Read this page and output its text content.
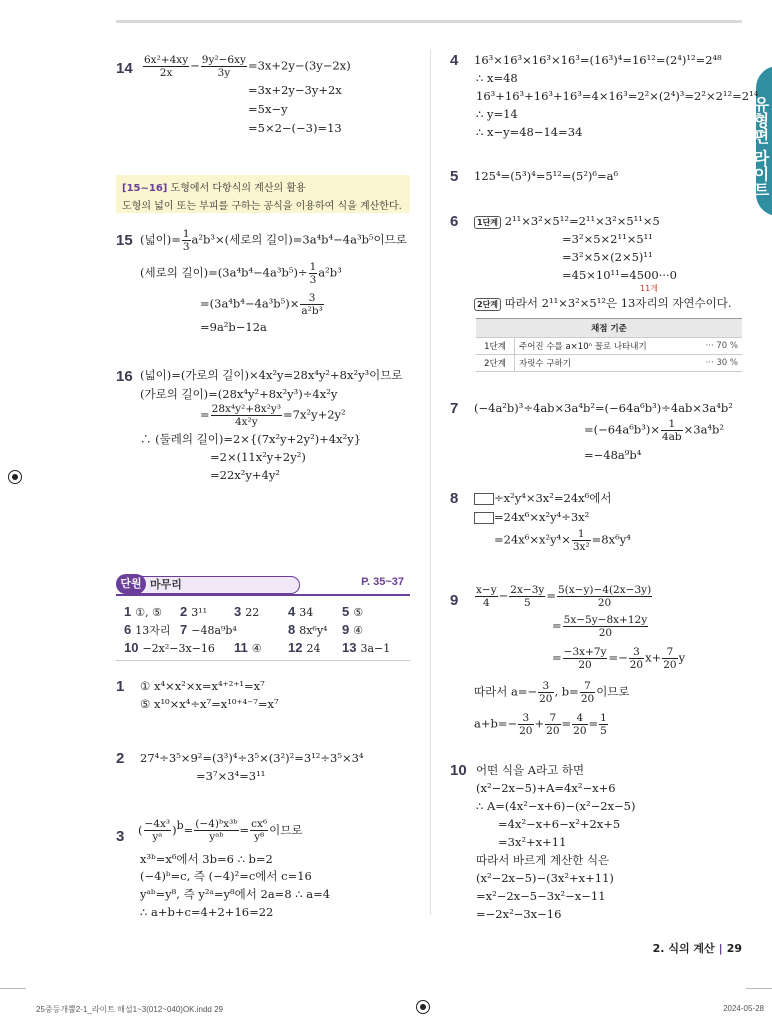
유형편 라이트
$14 \frac{\text{6x²+4xy}}{2x} - \frac{\text{9y²−6xy}}{3y} =3x+2y-(3y-2x)$
=3x+2y−3y+2x
=5x−y
=5×2−(−3)=13
[15~16] 도형에서 다항식의 계산의 활용
도형의 넓이 또는 부피를 구하는 공식을 이용하여 식을 계산한다.
15 (넓이)= $\frac{1}{3} a^2b^3\times$(세로의 길이)=3a⁴b⁴−4a³b⁵이므로
(세로의 길이)$=(3a^4b^4-4a^3b^5)\div \frac{1}{3} a^2b^3$
$=(3a^4b^4-4a^3b^5)\times \frac{3}{\text{a²b³}}$
=9a²b−12a
16 (넓이)=(가로의 길이)×4x²y=28x⁴y²+8x²y³이므로
(가로의 길이)=(28x⁴y²+8x²y³)÷4x²y
= $\frac{\text{28x⁴y²+8x²y³}}{\text{4x²y}} =7x^2y+2y^2$
∴ (둘레의 길이)=2×{(7x²y+2y²)+4x²y}
=2×(11x²y+2y²)
=22x²y+4y²
단원 마무리	P. 35~37
1 ①, ⑤ 2 3¹¹ 3 22 4 34 5 ⑤
6 13자리 7 −48a⁹b⁴	8 8x⁶y⁴ 9 ④
10 −2x²−3x−16 11 ④ 12 24 13 3a−1
1 ① x⁴×x²×x=x⁴⁺²⁺¹=x⁷
⑤ x¹⁰×x⁴÷x⁷=x¹⁰⁺⁴⁻⁷=x⁷
2 27⁴÷3⁵×9²=(3³)⁴÷3⁵×(3²)²=3¹²÷3⁵×3⁴
=3⁷×3⁴=3¹¹
3 ( $\frac{\text{−4x³}}{\text{yᵃ}} )^b= \frac{\text{(−4)ᵇx³ᵇ}}{\text{yᵃᵇ}} = \frac{\text{cx⁶}}{\text{y⁸}}$ 이므로
x³ᵇ=x⁶에서 3b=6 ∴ b=2
(−4)ᵇ=c, 즉 (−4)²=c에서 c=16
yᵃᵇ=y⁸, 즉 y²ᵃ=y⁸에서 2a=8 ∴ a=4
∴ a+b+c=4+2+16=22
4 16³×16³×16³×16³=(16³)⁴=16¹²=(2⁴)¹²=2⁴⁸
∴ x=48
16³+16³+16³+16³=4×16³=2²×(2⁴)³=2²×2¹²=2¹⁴
∴ y=14
∴ x−y=48−14=34
5 125⁴=(5³)⁴=5¹²=(5²)⁶=a⁶
6	1단계 2¹¹×3²×5¹²=2¹¹×3²×5¹¹×5
=3²×5×2¹¹×5¹¹
=3²×5×(2×5)¹¹
=45×10¹¹=4500···0
11개
2단계 따라서 2¹¹×3²×5¹²은 13자리의 자연수이다.
채점 기준		
1단계	주어진 수를 a×10ⁿ 꼴로 나타내기	··· 70 %
2단계	자릿수 구하기	··· 30 %
7 (−4a²b)³÷4ab×3a⁴b²=(−64a⁶b³)÷4ab×3a⁴b²
$=(-64a^6b^3)\times \frac{1}{4ab} \times 3a^4b^2$
=−48a⁹b⁴
8	÷x²y⁴×3x²=24x⁶에서
=24x⁶×x²y⁴÷3x²
$=24x^6\times x^2y^4\times \frac{1}{\text{3x²}} =8x^6y^4$
$9 \frac{x-y}{4} - \frac{2x-3y}{5} = \frac{5(x-y)-4(2x-3y)}{20}$
= $\frac{5x-5y-8x+12y}{20}$
= $\frac{-3x+7y}{20} =- \frac{3}{20} x+ \frac{7}{20}$ y
따라서 $a=- \frac{3}{20}$ , $b= \frac{7}{20}$ 이므로
$a+b=- \frac{3}{20} + \frac{7}{20} = \frac{4}{20} = \frac{1}{5}$
10 어떤 식을 A라고 하면
(x²−2x−5)+A=4x²−x+6
∴ A=(4x²−x+6)−(x²−2x−5)
=4x²−x+6−x²+2x+5
=3x²+x+11
따라서 바르게 계산한 식은
(x²−2x−5)−(3x²+x+11)
=x²−2x−5−3x²−x−11
=−2x²−3x−16
2. 식의 계산 | 29
25중등개뿔2-1_라이트 해설1~3(012~040)OK.indd 29	2024-05-28
